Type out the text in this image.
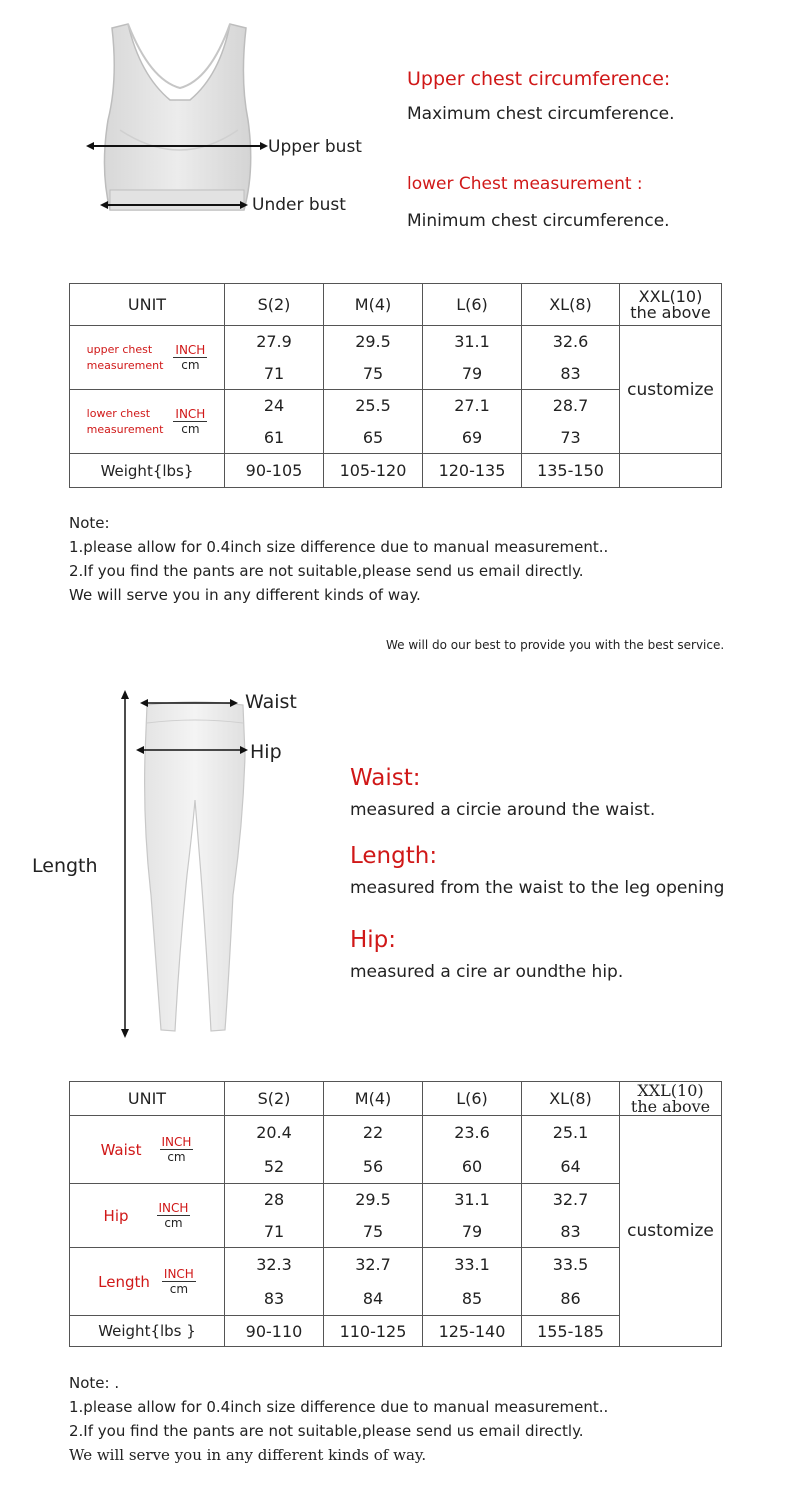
Upper bust
Under bust
Upper chest circumference:
Maximum chest circumference.
lower Chest measurement :
Minimum chest circumference.
UNIT	S(2)	M(4)	L(6)	XL(8)	XXL(10)
the above

upper chest
measurement
INCH
cm	27.9	29.5	31.1	32.6	customize
	71	75	79	83	

lower chest
measurement
INCH
cm	24	25.5	27.1	28.7	
	61	65	69	73	
Weight{lbs}	90-105	105-120	120-135	135-150	
Note:
1.please allow for 0.4inch size difference due to manual measurement..
2.If you find the pants are not suitable,please send us email directly.
We will serve you in any different kinds of way.
We will do our best to provide you with the best service.
Length
Waist
Hip
Waist:
measured a circie around the waist.
Length:
measured from the waist to the leg opening
Hip:
measured a cire ar oundthe hip.
UNIT	S(2)	M(4)	L(6)	XL(8)	XXL(10)
the above

Waist INCH
cm	20.4	22	23.6	25.1	customize
	52	56	60	64	

Hip INCH
cm	28	29.5	31.1	32.7	
	71	75	79	83	

Length INCH
cm	32.3	32.7	33.1	33.5	
	83	84	85	86	
Weight{lbs }	90-110	110-125	125-140	155-185	
Note: .
1.please allow for 0.4inch size difference due to manual measurement..
2.If you find the pants are not suitable,please send us email directly.
We will serve you in any different kinds of way.
